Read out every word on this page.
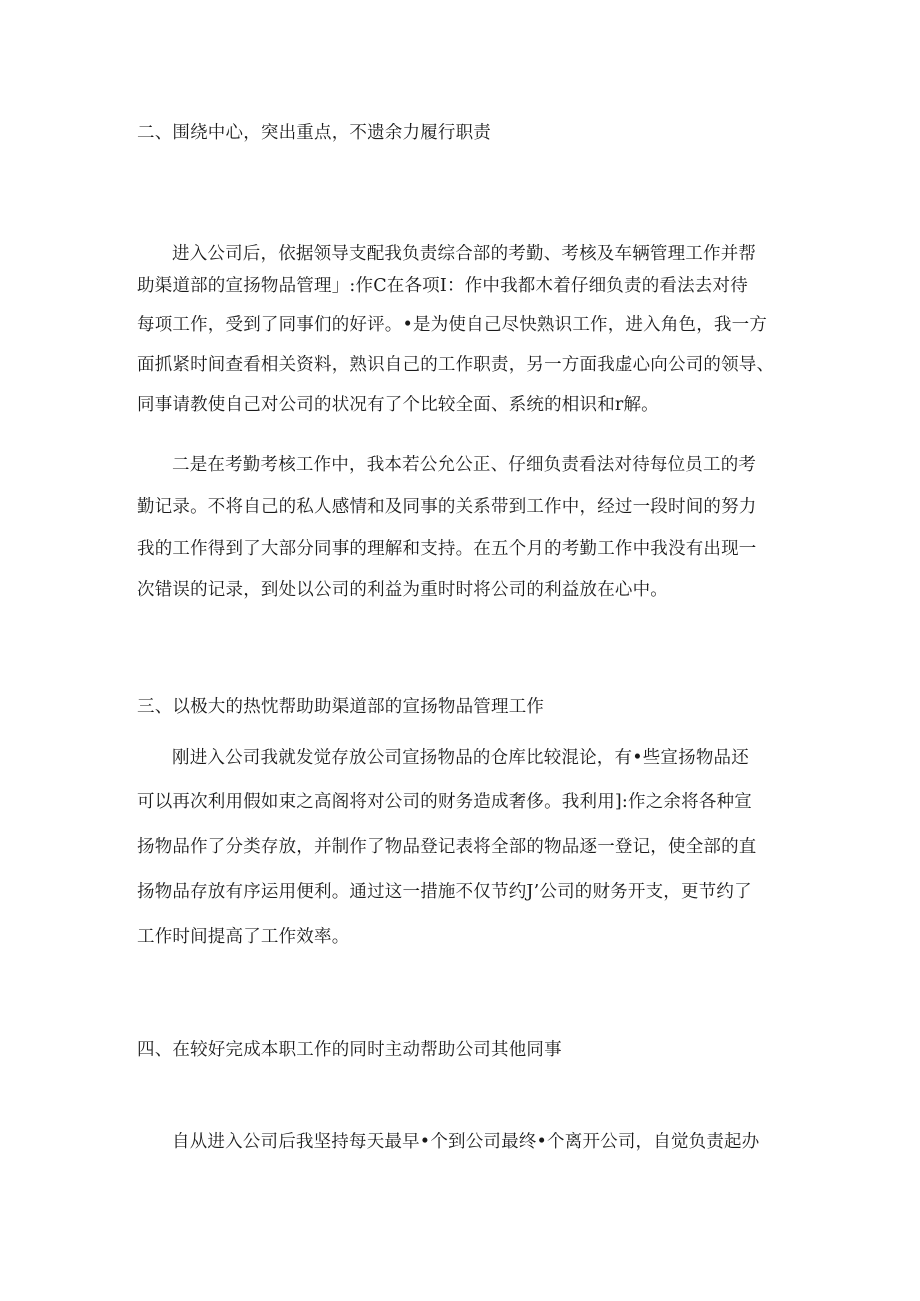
二、围绕中心，突出重点，不遗余力履行职责
进入公司后，依据领导支配我负责综合部的考勤、考核及车辆管理工作并帮
助渠道部的宣扬物品管理」:作C在各项I：作中我都木着仔细负责的看法去对待
每项工作，受到了同事们的好评。•是为使自己尽快熟识工作，进入角色，我一方
面抓紧时间查看相关资料，熟识自己的工作职责，另一方面我虚心向公司的领导、
同事请教使自己对公司的状况有了个比较全面、系统的相识和r解。
二是在考勤考核工作中，我本若公允公正、仔细负责看法对待每位员工的考
勤记录。不将自己的私人感情和及同事的关系带到工作中，经过一段时间的努力
我的工作得到了大部分同事的理解和支持。在五个月的考勤工作中我没有出现一
次错误的记录，到处以公司的利益为重时时将公司的利益放在心中。
三、以极大的热忱帮助助渠道部的宣扬物品管理工作
刚进入公司我就发觉存放公司宣扬物品的仓库比较混论，有•些宣扬物品还
可以再次利用假如束之高阁将对公司的财务造成奢侈。我利用]:作之余将各种宣
扬物品作了分类存放，并制作了物品登记表将全部的物品逐一登记，使全部的直
扬物品存放有序运用便利。通过这一措施不仅节约J’公司的财务开支，更节约了
工作时间提高了工作效率。
四、在较好完成本职工作的同时主动帮助公司其他同事
自从进入公司后我坚持每天最早•个到公司最终•个离开公司，自觉负责起办
